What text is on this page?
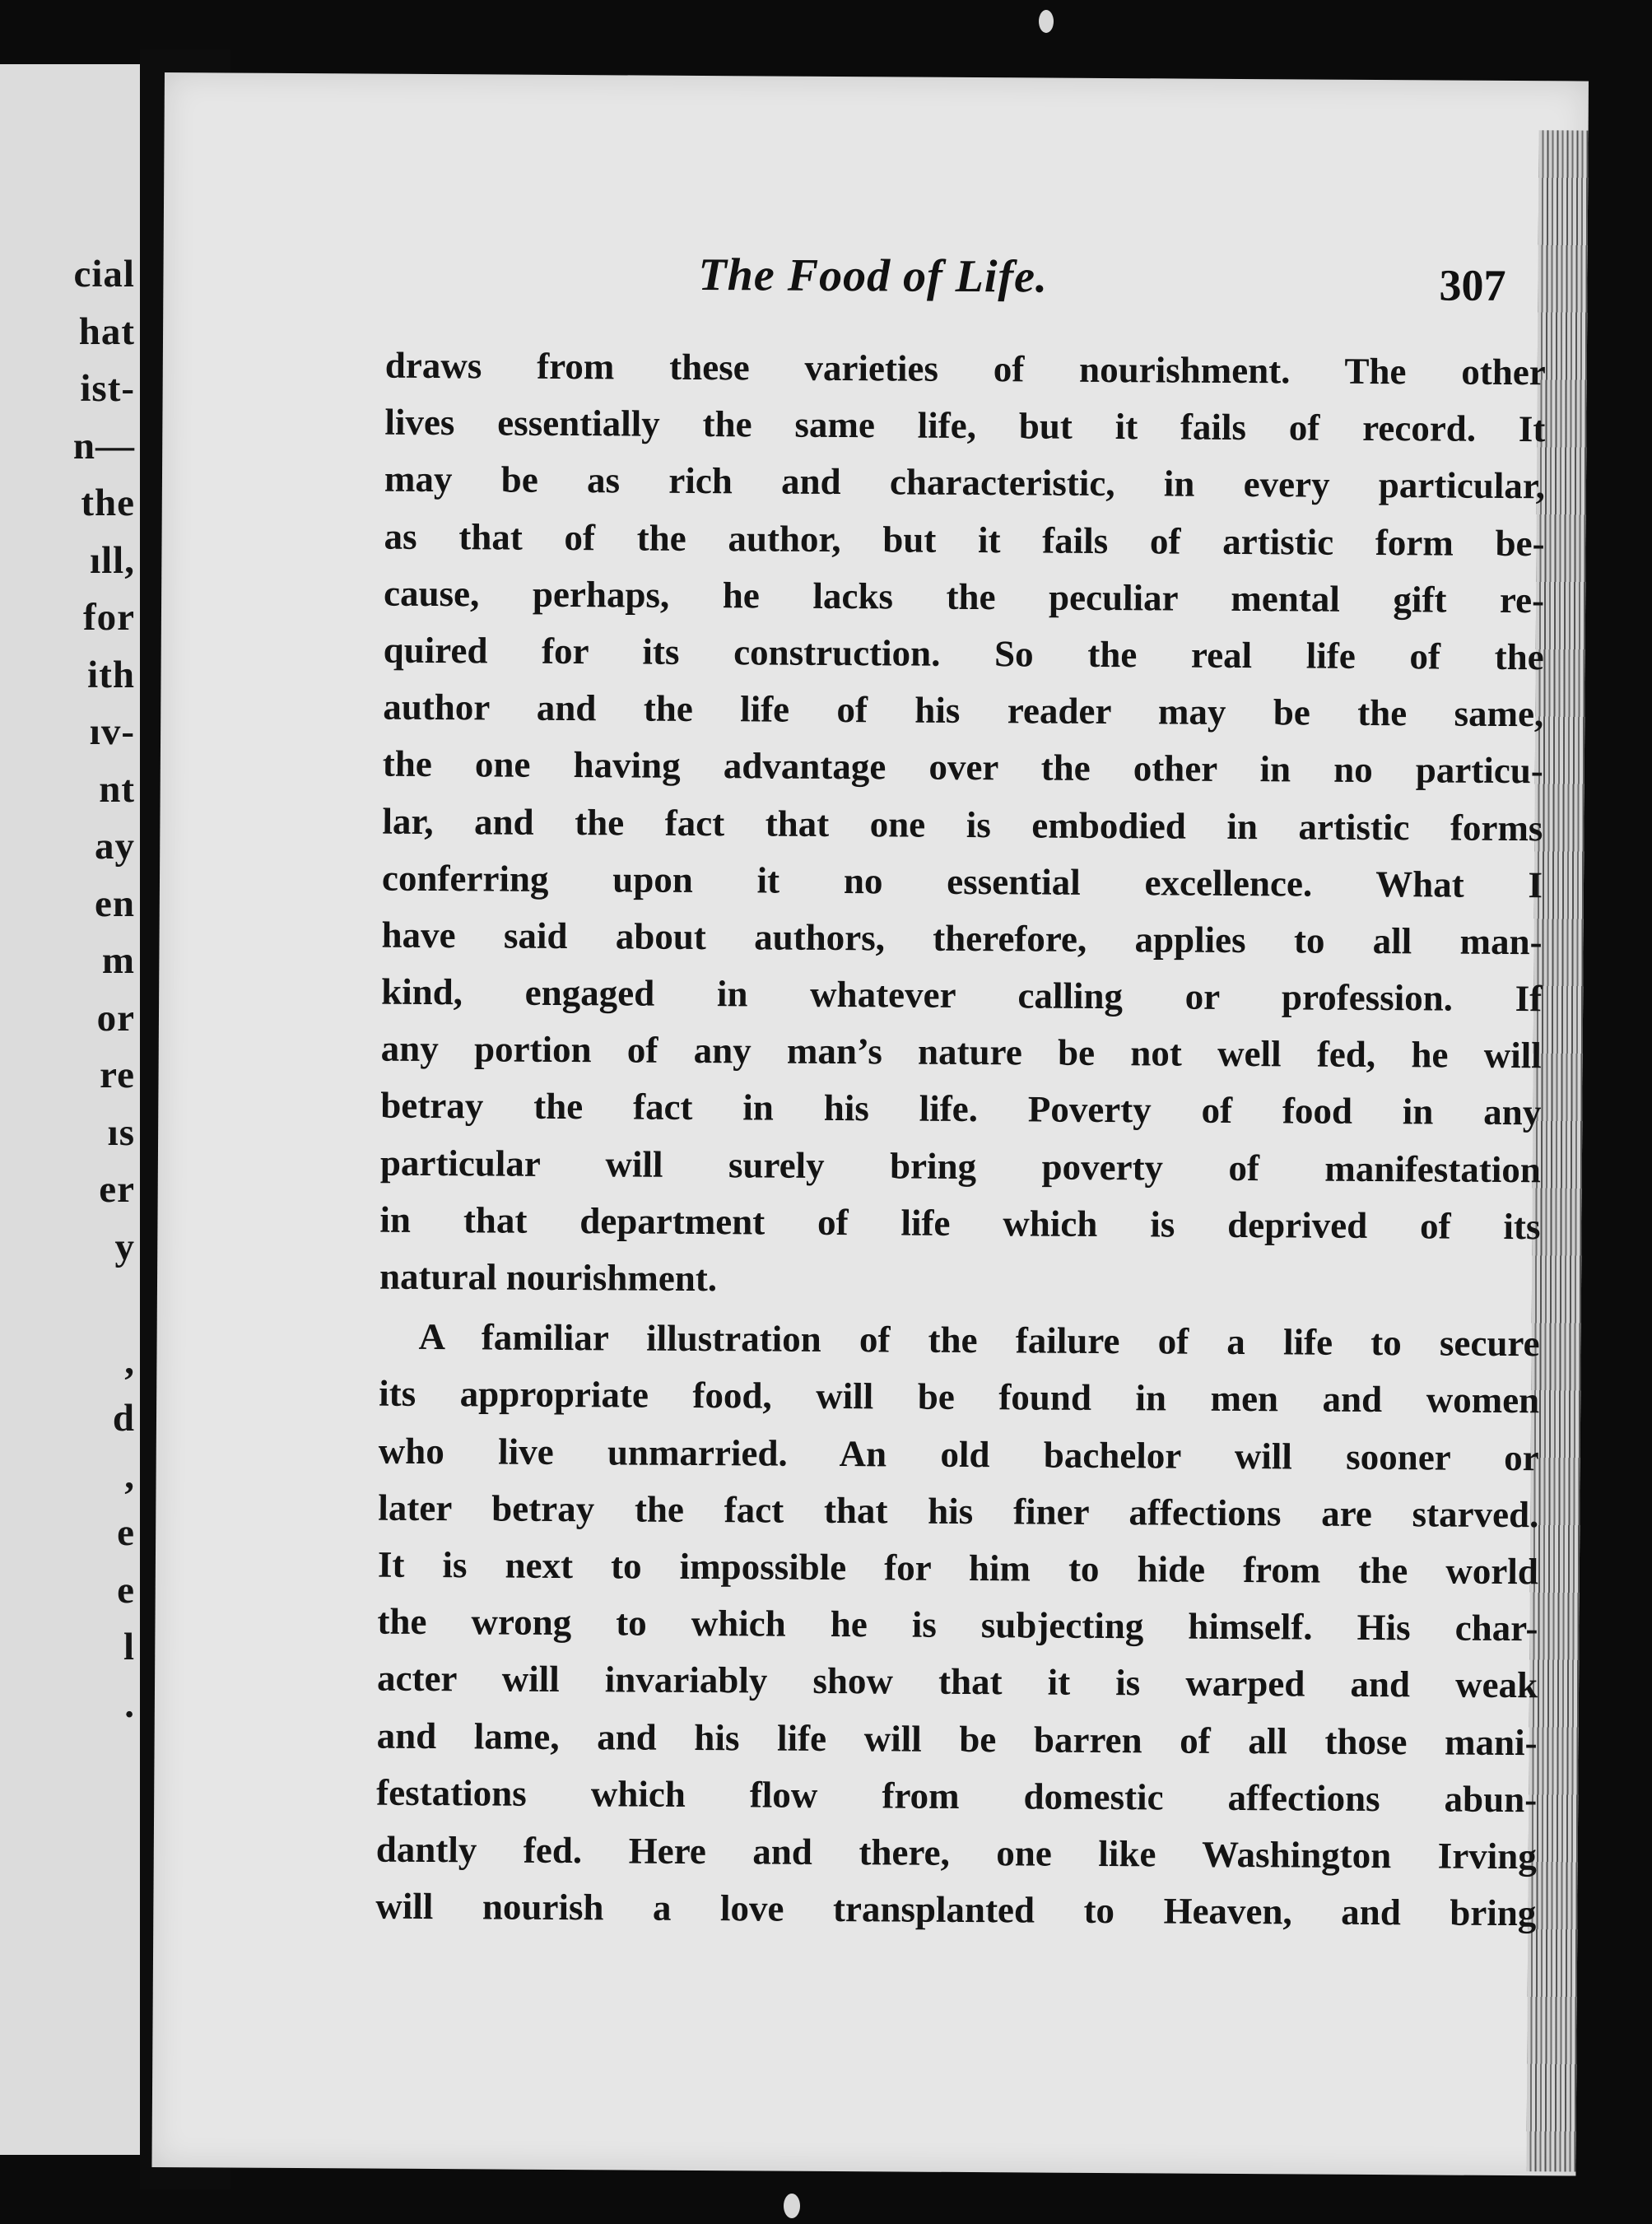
cial
hat
ist-
n—
the
ıll,
for
ith
ıv-
nt
ay
en
m
or
re
ıs
er
y
,
d
,
e
e
l
.
The Food of Life.	307
draws from these varieties of nourishment. The other
lives essentially the same life, but it fails of record. It
may be as rich and characteristic, in every particular,
as that of the author, but it fails of artistic form be-
cause, perhaps, he lacks the peculiar mental gift re-
quired for its construction. So the real life of the
author and the life of his reader may be the same,
the one having advantage over the other in no particu-
lar, and the fact that one is embodied in artistic forms
conferring upon it no essential excellence. What I
have said about authors, therefore, applies to all man-
kind, engaged in whatever calling or profession. If
any portion of any man’s nature be not well fed, he will
betray the fact in his life. Poverty of food in any
particular will surely bring poverty of manifestation
in that department of life which is deprived of its
natural nourishment.
A familiar illustration of the failure of a life to secure
its appropriate food, will be found in men and women
who live unmarried. An old bachelor will sooner or
later betray the fact that his finer affections are starved.
It is next to impossible for him to hide from the world
the wrong to which he is subjecting himself. His char-
acter will invariably show that it is warped and weak
and lame, and his life will be barren of all those mani-
festations which flow from domestic affections abun-
dantly fed. Here and there, one like Washington Irving
will nourish a love transplanted to Heaven, and bring
